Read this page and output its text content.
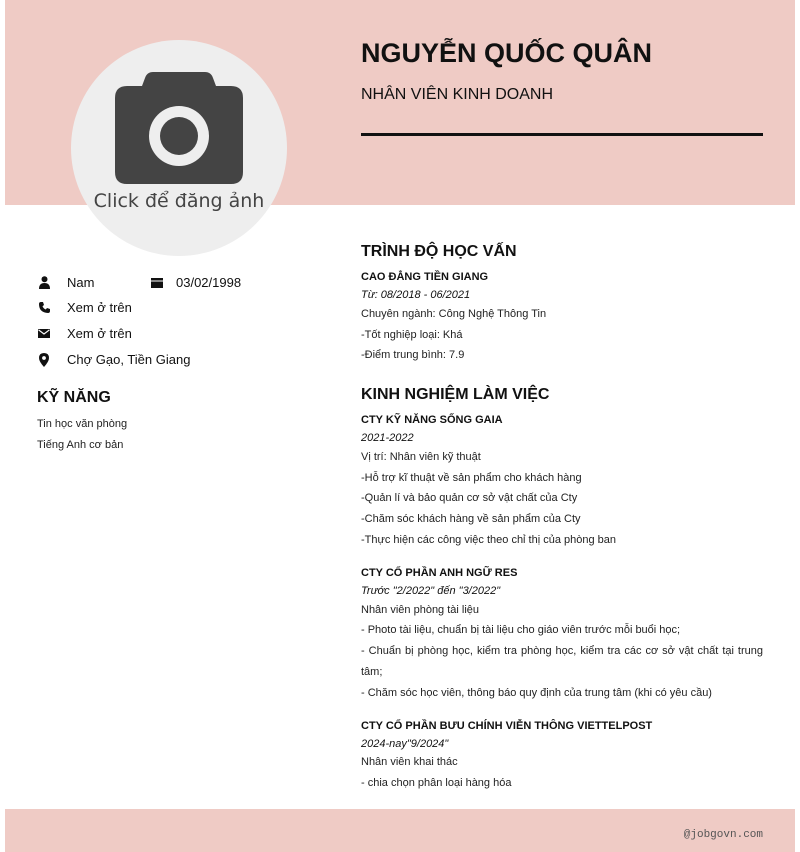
Click để đăng ảnh
NGUYỄN QUỐC QUÂN
NHÂN VIÊN KINH DOANH
Nam	03/02/1998
Xem ở trên
Xem ở trên
Chợ Gạo, Tiền Giang
KỸ NĂNG
Tin học văn phòng
Tiếng Anh cơ bản
TRÌNH ĐỘ HỌC VẤN
CAO ĐẲNG TIỀN GIANG
Từ: 08/2018 - 06/2021
Chuyên ngành: Công Nghệ Thông Tin
-Tốt nghiệp loại: Khá
-Điểm trung bình: 7.9
KINH NGHIỆM LÀM VIỆC
CTY KỸ NĂNG SỐNG GAIA
2021-2022
Vị trí: Nhân viên kỹ thuật
-Hỗ trợ kĩ thuật về sản phẩm cho khách hàng
-Quản lí và bảo quản cơ sở vật chất của Cty
-Chăm sóc khách hàng về sản phẩm của Cty
-Thực hiện các công việc theo chỉ thị của phòng ban
CTY CỔ PHẦN ANH NGỮ RES
Trước "2/2022" đến "3/2022"
Nhân viên phòng tài liệu
- Photo tài liệu, chuẩn bị tài liệu cho giáo viên trước mỗi buổi học;
- Chuẩn bị phòng học, kiểm tra phòng học, kiểm tra các cơ sở vật chất tại trung tâm;
- Chăm sóc học viên, thông báo quy định của trung tâm (khi có yêu cầu)
CTY CỔ PHẦN BƯU CHÍNH VIỄN THÔNG VIETTELPOST
2024-nay"9/2024"
Nhân viên khai thác
- chia chọn phân loại hàng hóa
@jobgovn.com
